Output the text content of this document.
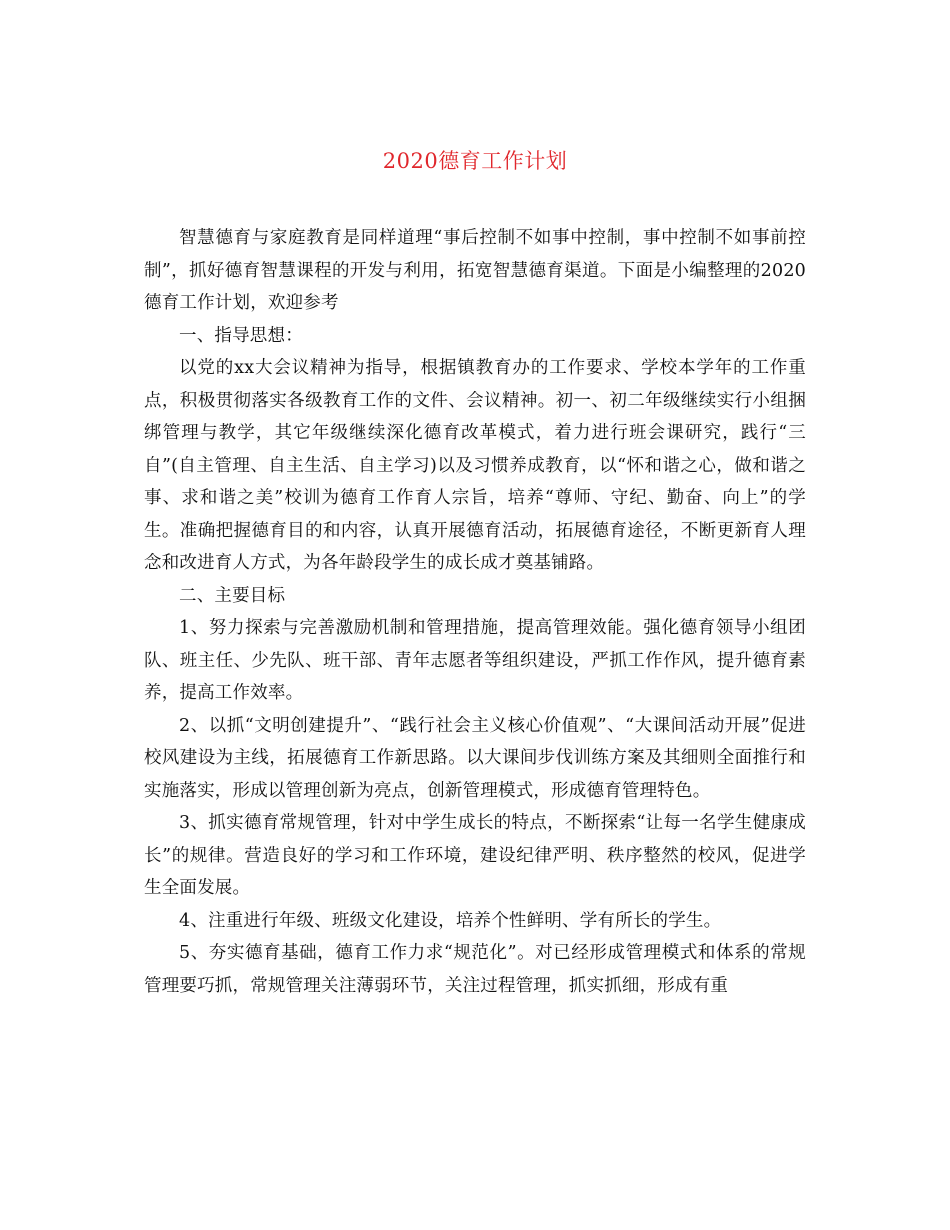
2020德育工作计划

智慧德育与家庭教育是同样道理“事后控制不如事中控制，事中控制不如事前控制”，抓好德育智慧课程的开发与利用，拓宽智慧德育渠道。下面是小编整理的2020德育工作计划，欢迎参考

一、指导思想：

以党的xx大会议精神为指导，根据镇教育办的工作要求、学校本学年的工作重点，积极贯彻落实各级教育工作的文件、会议精神。初一、初二年级继续实行小组捆绑管理与教学，其它年级继续深化德育改革模式，着力进行班会课研究，践行“三自”(自主管理、自主生活、自主学习)以及习惯养成教育，以“怀和谐之心，做和谐之事、求和谐之美”校训为德育工作育人宗旨，培养“尊师、守纪、勤奋、向上”的学生。准确把握德育目的和内容，认真开展德育活动，拓展德育途径，不断更新育人理念和改进育人方式，为各年龄段学生的成长成才奠基铺路。

二、主要目标

1、努力探索与完善激励机制和管理措施，提高管理效能。强化德育领导小组团队、班主任、少先队、班干部、青年志愿者等组织建设，严抓工作作风，提升德育素养，提高工作效率。

2、以抓“文明创建提升”、“践行社会主义核心价值观”、“大课间活动开展”促进校风建设为主线，拓展德育工作新思路。以大课间步伐训练方案及其细则全面推行和实施落实，形成以管理创新为亮点，创新管理模式，形成德育管理特色。

3、抓实德育常规管理，针对中学生成长的特点，不断探索“让每一名学生健康成长”的规律。营造良好的学习和工作环境，建设纪律严明、秩序整然的校风，促进学生全面发展。

4、注重进行年级、班级文化建设，培养个性鲜明、学有所长的学生。

5、夯实德育基础，德育工作力求“规范化”。对已经形成管理模式和体系的常规管理要巧抓，常规管理关注薄弱环节，关注过程管理，抓实抓细，形成有重
